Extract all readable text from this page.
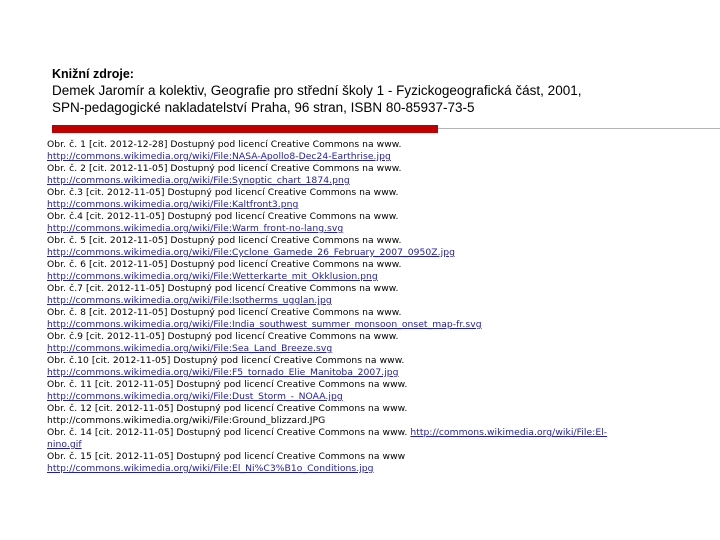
Knižní zdroje:
Demek Jaromír a kolektiv, Geografie pro střední školy 1 - Fyzickogeografická část, 2001,
SPN-pedagogické nakladatelství Praha, 96 stran, ISBN 80-85937-73-5
Obr. č. 1 [cit. 2012-12-28] Dostupný pod licencí Creative Commons na www.
http://commons.wikimedia.org/wiki/File:NASA-Apollo8-Dec24-Earthrise.jpg
Obr. č. 2 [cit. 2012-11-05] Dostupný pod licencí Creative Commons na www.
http://commons.wikimedia.org/wiki/File:Synoptic_chart_1874.png
Obr. č.3 [cit. 2012-11-05] Dostupný pod licencí Creative Commons na www.
http://commons.wikimedia.org/wiki/File:Kaltfront3.png
Obr. č.4 [cit. 2012-11-05] Dostupný pod licencí Creative Commons na www.
http://commons.wikimedia.org/wiki/File:Warm_front-no-lang.svg
Obr. č. 5 [cit. 2012-11-05] Dostupný pod licencí Creative Commons na www.
http://commons.wikimedia.org/wiki/File:Cyclone_Gamede_26_February_2007_0950Z.jpg
Obr. č. 6 [cit. 2012-11-05] Dostupný pod licencí Creative Commons na www.
http://commons.wikimedia.org/wiki/File:Wetterkarte_mit_Okklusion.png
Obr. č.7 [cit. 2012-11-05] Dostupný pod licencí Creative Commons na www.
http://commons.wikimedia.org/wiki/File:Isotherms_ugglan.jpg
Obr. č. 8 [cit. 2012-11-05] Dostupný pod licencí Creative Commons na www.
http://commons.wikimedia.org/wiki/File:India_southwest_summer_monsoon_onset_map-fr.svg
Obr. č.9 [cit. 2012-11-05] Dostupný pod licencí Creative Commons na www.
http://commons.wikimedia.org/wiki/File:Sea_Land_Breeze.svg
Obr. č.10 [cit. 2012-11-05] Dostupný pod licencí Creative Commons na www.
http://commons.wikimedia.org/wiki/File:F5_tornado_Elie_Manitoba_2007.jpg
Obr. č. 11 [cit. 2012-11-05] Dostupný pod licencí Creative Commons na www.
http://commons.wikimedia.org/wiki/File:Dust_Storm_-_NOAA.jpg
Obr. č. 12 [cit. 2012-11-05] Dostupný pod licencí Creative Commons na www.
http://commons.wikimedia.org/wiki/File:Ground_blizzard.JPG
Obr. č. 14 [cit. 2012-11-05] Dostupný pod licencí Creative Commons na www. http://commons.wikimedia.org/wiki/File:El-
nino.gif
Obr. č. 15 [cit. 2012-11-05] Dostupný pod licencí Creative Commons na www
http://commons.wikimedia.org/wiki/File:El_Ni%C3%B1o_Conditions.jpg
